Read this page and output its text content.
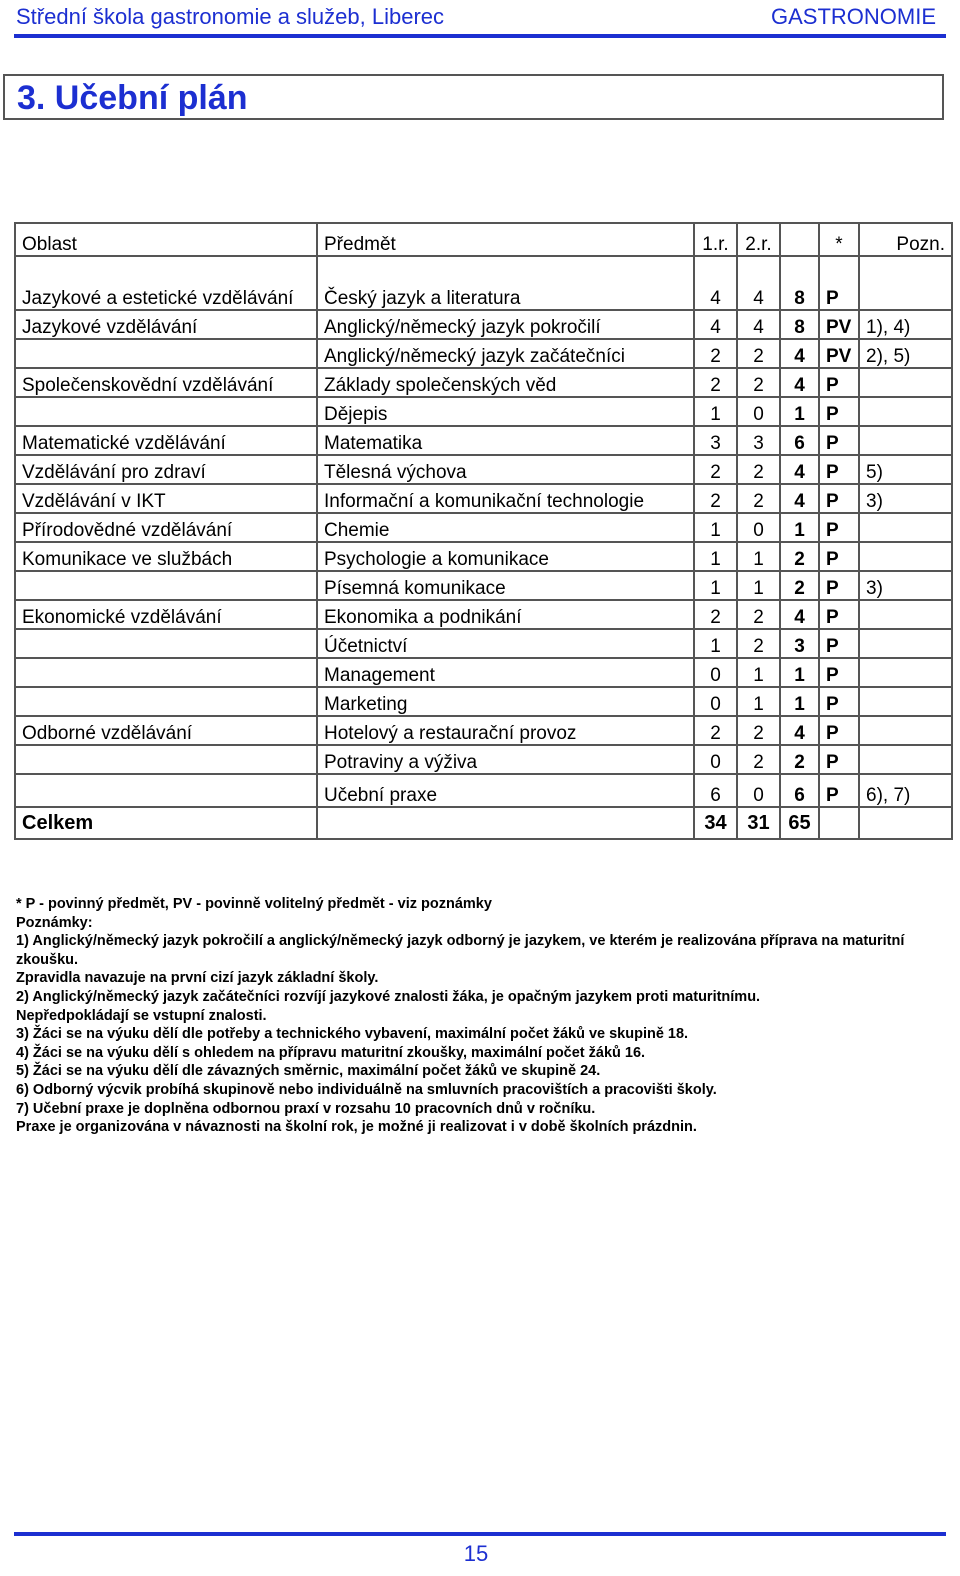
Střední škola gastronomie a služeb, Liberec	GASTRONOMIE
3. Učební plán
Oblast	Předmět	1.r.	2.r.		*	Pozn.
Jazykové a estetické vzdělávání	Český jazyk a literatura	4	4	8	P	
Jazykové vzdělávání	Anglický/německý jazyk pokročilí	4	4	8	PV	1), 4)
	Anglický/německý jazyk začátečníci	2	2	4	PV	2), 5)
Společenskovědní vzdělávání	Základy společenských věd	2	2	4	P	
	Dějepis	1	0	1	P	
Matematické vzdělávání	Matematika	3	3	6	P	
Vzdělávání pro zdraví	Tělesná výchova	2	2	4	P	5)
Vzdělávání v IKT	Informační a komunikační technologie	2	2	4	P	3)
Přírodovědné vzdělávání	Chemie	1	0	1	P	
Komunikace ve službách	Psychologie a komunikace	1	1	2	P	
	Písemná komunikace	1	1	2	P	3)
Ekonomické vzdělávání	Ekonomika a podnikání	2	2	4	P	
	Účetnictví	1	2	3	P	
	Management	0	1	1	P	
	Marketing	0	1	1	P	
Odborné vzdělávání	Hotelový a restaurační provoz	2	2	4	P	
	Potraviny a výživa	0	2	2	P	
	Učební praxe	6	0	6	P	6), 7)
Celkem		34	31	65		
* P - povinný předmět, PV - povinně volitelný předmět - viz poznámky
Poznámky:
1) Anglický/německý jazyk pokročilí a anglický/německý jazyk odborný je jazykem, ve kterém je realizována příprava na maturitní zkoušku.
Zpravidla navazuje na první cizí jazyk základní školy.
2) Anglický/německý jazyk začátečníci rozvíjí jazykové znalosti žáka, je opačným jazykem proti maturitnímu.
Nepředpokládají se vstupní znalosti.
3) Žáci se na výuku dělí dle potřeby a technického vybavení, maximální počet žáků ve skupině 18.
4) Žáci se na výuku dělí s ohledem na přípravu maturitní zkoušky, maximální počet žáků 16.
5) Žáci se na výuku dělí dle závazných směrnic, maximální počet žáků ve skupině 24.
6) Odborný výcvik probíhá skupinově nebo individuálně na smluvních pracovištích a pracovišti školy.
7) Učební praxe je doplněna odbornou praxí v rozsahu 10 pracovních dnů v ročníku.
Praxe je organizována v návaznosti na školní rok, je možné ji realizovat i v době školních prázdnin.
15
